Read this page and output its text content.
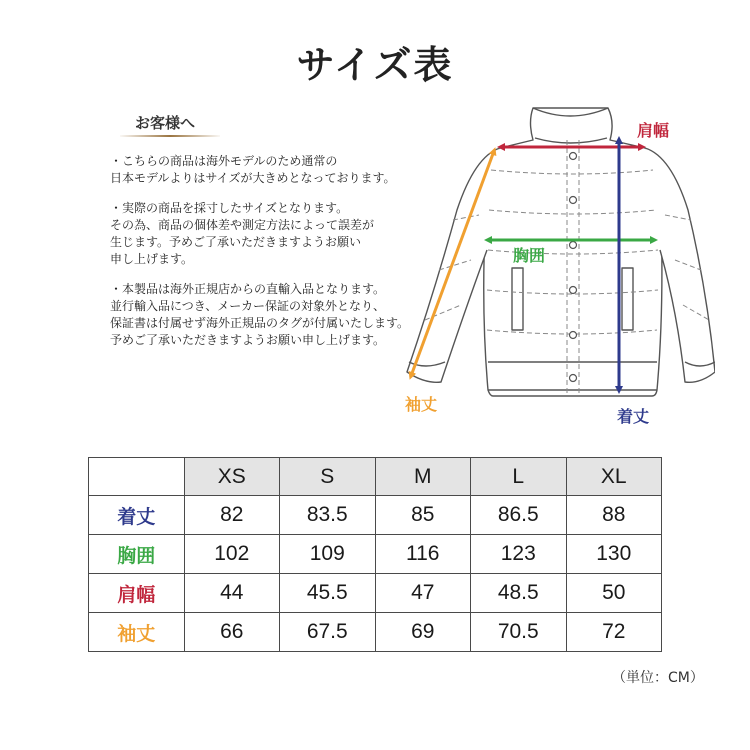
サイズ表
お客様へ

・こちらの商品は海外モデルのため通常の
日本モデルよりはサイズが大きめとなっております。

・実際の商品を採寸したサイズとなります。
その為、商品の個体差や測定方法によって誤差が
生じます。予めご了承いただきますようお願い
申し上げます。

・本製品は海外正規店からの直輸入品となります。
並行輸入品につき、メーカー保証の対象外となり、
保証書は付属せず海外正規品のタグが付属いたします。
予めご了承いただきますようお願い申し上げます。

肩幅
胸囲
袖丈
着丈
	XS	S	M	L	XL
着丈	82	83.5	85	86.5	88
胸囲	102	109	116	123	130
肩幅	44	45.5	47	48.5	50
袖丈	66	67.5	69	70.5	72
（単位：CM）
